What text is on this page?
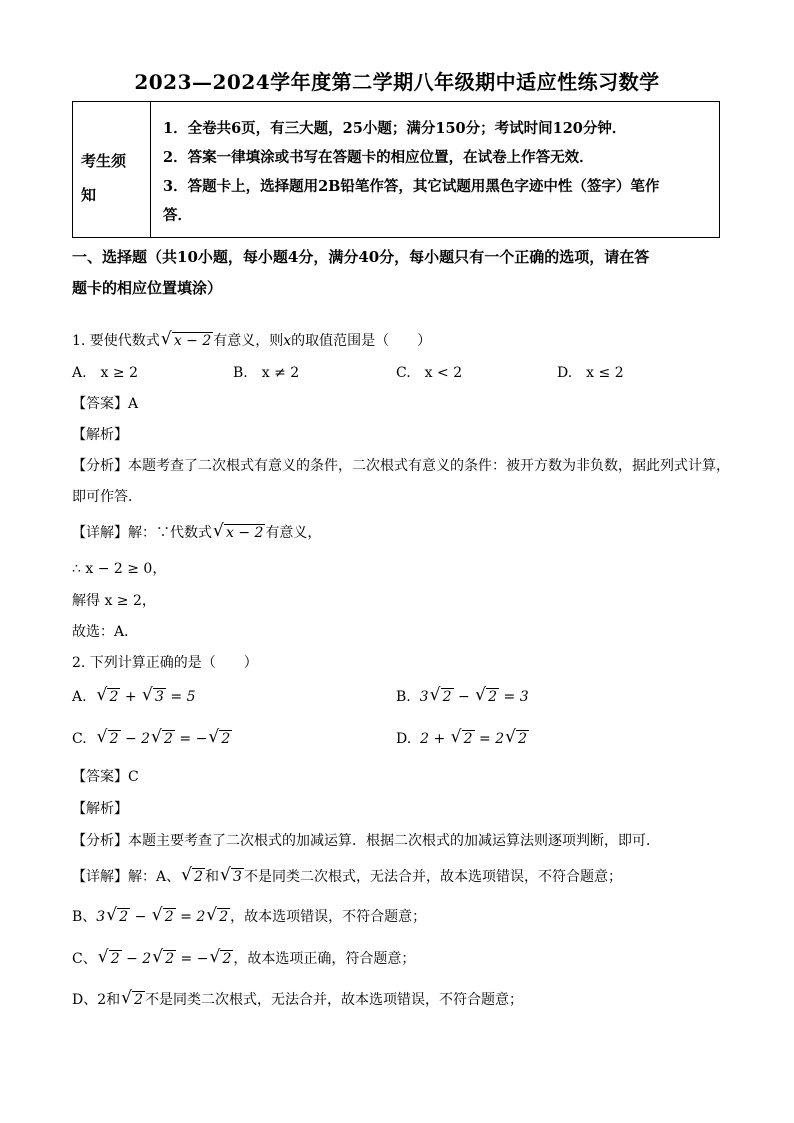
2023—2024学年度第二学期八年级期中适应性练习数学
考生须
知
1．全卷共6页，有三大题，25小题；满分150分；考试时间120分钟．
2．答案一律填涂或书写在答题卡的相应位置，在试卷上作答无效．
3．答题卡上，选择题用2B铅笔作答，其它试题用黑色字迹中性（签字）笔作
答．
一、选择题（共10小题，每小题4分，满分40分，每小题只有一个正确的选项，请在答
题卡的相应位置填涂）
1. 要使代数式 √ x − 2 有意义，则x的取值范围是（　　）
A.　x ≥ 2	B.　x ≠ 2	C.　x < 2	D.　x ≤ 2
【答案】A
【解析】
【分析】本题考查了二次根式有意义的条件，二次根式有意义的条件：被开方数为非负数，据此列式计算，
即可作答．
【详解】解：∵代数式 √ x − 2 有意义，
∴ x − 2 ≥ 0，
解得 x ≥ 2，
故选：A．
2. 下列计算正确的是（　　）
A. √ 2 + √ 3 = 5	B. 3 √ 2 − √ 2 = 3
C. √ 2 − 2 √ 2 = − √ 2	D. 2 + √ 2 = 2 √ 2
【答案】C
【解析】
【分析】本题主要考查了二次根式的加减运算．根据二次根式的加减运算法则逐项判断，即可．
【详解】解：A、 √ 2 和 √ 3 不是同类二次根式，无法合并，故本选项错误，不符合题意；
B、3 √ 2 − √ 2 = 2 √ 2 ，故本选项错误，不符合题意；
C、 √ 2 − 2 √ 2 = − √ 2 ，故本选项正确，符合题意；
D、2和 √ 2 不是同类二次根式，无法合并，故本选项错误，不符合题意；
